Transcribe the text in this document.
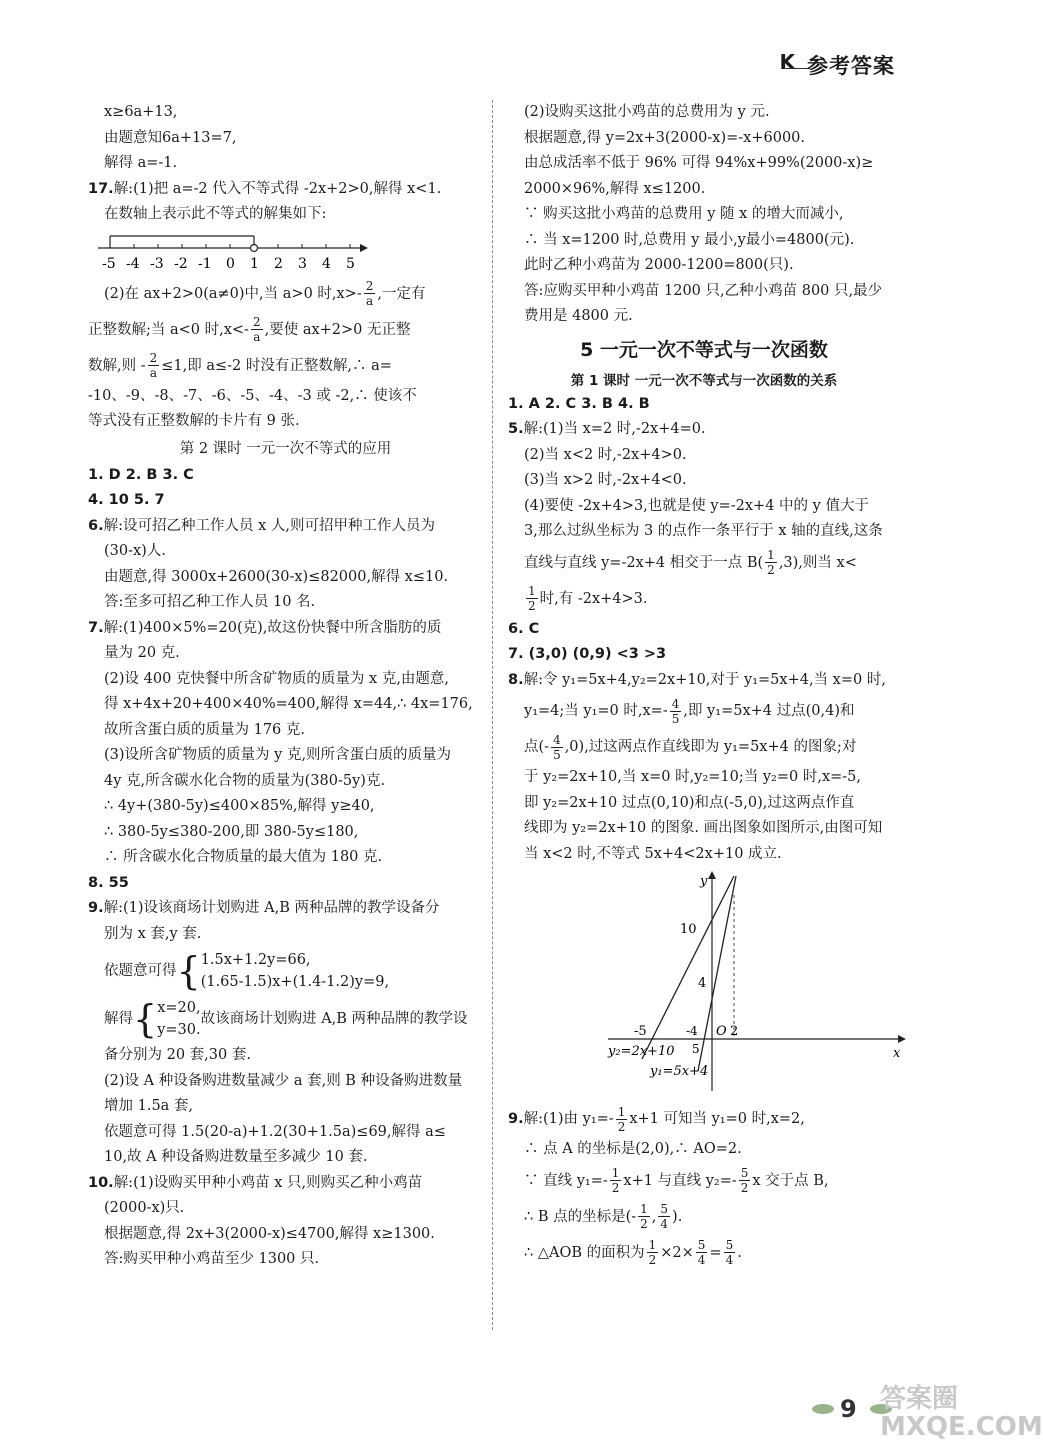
K 参考答案
x≥6a+13,
由题意知6a+13=7,
解得 a=-1.
17.解:(1)把 a=-2 代入不等式得 -2x+2>0,解得 x<1.
在数轴上表示此不等式的解集如下:
-5 -4 -3 -2 -1 0 1 2 3 4 5
(2)在 ax+2>0(a≠0)中,当 a>0 时$,x>- \frac{2}{a}$ ,一定有
正整数解;当 a<0 时$,x<- \frac{2}{a}$ ,要使 ax+2>0 无正整
数解,则 - $\frac{2}{a} \le 1$,即 a≤-2 时没有正整数解,∴ a=
-10、-9、-8、-7、-6、-5、-4、-3 或 -2,∴ 使该不
等式没有正整数解的卡片有 9 张.
第 2 课时 一元一次不等式的应用
1. D 2. B 3. C
4. 10 5. 7
6.解:设可招乙种工作人员 x 人,则可招甲种工作人员为
(30-x)人.
由题意,得 3000x+2600(30-x)≤82000,解得 x≤10.
答:至多可招乙种工作人员 10 名.
7.解:(1)400×5%=20(克),故这份快餐中所含脂肪的质
量为 20 克.
(2)设 400 克快餐中所含矿物质的质量为 x 克,由题意,
得 x+4x+20+400×40%=400,解得 x=44,∴ 4x=176,
故所含蛋白质的质量为 176 克.
(3)设所含矿物质的质量为 y 克,则所含蛋白质的质量为
4y 克,所含碳水化合物的质量为(380-5y)克.
∴ 4y+(380-5y)≤400×85%,解得 y≥40,
∴ 380-5y≤380-200,即 380-5y≤180,
∴ 所含碳水化合物质量的最大值为 180 克.
8. 55
9.解:(1)设该商场计划购进 A,B 两种品牌的教学设备分
别为 x 套,y 套.
依题意可得{ 1.5x+1.2y=66,
(1.65-1.5)x+(1.4-1.2)y=9,
解得{ x=20,
y=30.
故该商场计划购进 A,B 两种品牌的教学设
备分别为 20 套,30 套.
(2)设 A 种设备购进数量减少 a 套,则 B 种设备购进数量
增加 1.5a 套,
依题意可得 1.5(20-a)+1.2(30+1.5a)≤69,解得 a≤
10,故 A 种设备购进数量至多减少 10 套.
10.解:(1)设购买甲种小鸡苗 x 只,则购买乙种小鸡苗
(2000-x)只.
根据题意,得 2x+3(2000-x)≤4700,解得 x≥1300.
答:购买甲种小鸡苗至少 1300 只.
(2)设购买这批小鸡苗的总费用为 y 元.
根据题意,得 y=2x+3(2000-x)=-x+6000.
由总成活率不低于 96% 可得 94%x+99%(2000-x)≥
2000×96%,解得 x≤1200.
∵ 购买这批小鸡苗的总费用 y 随 x 的增大而减小,
∴ 当 x=1200 时,总费用 y 最小,y最小=4800(元).
此时乙种小鸡苗为 2000-1200=800(只).
答:应购买甲种小鸡苗 1200 只,乙种小鸡苗 800 只,最少
费用是 4800 元.
5 一元一次不等式与一次函数
第 1 课时 一元一次不等式与一次函数的关系
1. A 2. C 3. B 4. B
5.解:(1)当 x=2 时,-2x+4=0.
(2)当 x<2 时,-2x+4>0.
(3)当 x>2 时,-2x+4<0.
(4)要使 -2x+4>3,也就是使 y=-2x+4 中的 y 值大于
3,那么过纵坐标为 3 的点作一条平行于 x 轴的直线,这条
直线与直线 y=-2x+4 相交于一点 $B( \frac{1}{2} ,3)$,则当 x<
$\frac{1}{2}$ 时,有 -2x+4>3.
6. C
7. (3,0) (0,9) <3 >3
8.解:令 y₁=5x+4,y₂=2x+10,对于 y₁=5x+4,当 x=0 时,
y₁=4;当 y₁=0 时$,x=- \frac{4}{5}$ ,即 y₁=5x+4 过点(0,4)和
点(- $\frac{4}{5} ,0$),过这两点作直线即为 y₁=5x+4 的图象;对
于 y₂=2x+10,当 x=0 时,y₂=10;当 y₂=0 时,x=-5,
即 y₂=2x+10 过点(0,10)和点(-5,0),过这两点作直
线即为 y₂=2x+10 的图象. 画出图象如图所示,由图可知
当 x<2 时,不等式 5x+4<2x+10 成立.
y
x
10
4
-5	-4
5
O 2
y₂=2x+10
y₁=5x+4
9.解:(1)由 $y_1=- \frac{1}{2} x+1$ 可知当 y₁=0 时,x=2,
∴ 点 A 的坐标是(2,0),∴ AO=2.
∵ 直线 $y_1=- \frac{1}{2} x+1$ 与直线 $y_2=- \frac{5}{2}$ x 交于点 B,
∴ B 点的坐标是(- $\frac{1}{2}$ , $\frac{5}{4}$ ).
∴ △AOB 的面积为 $\frac{1}{2} \times 2\times \frac{5}{4} = \frac{5}{4}$ .
9 答案圈 MXQE.COM
